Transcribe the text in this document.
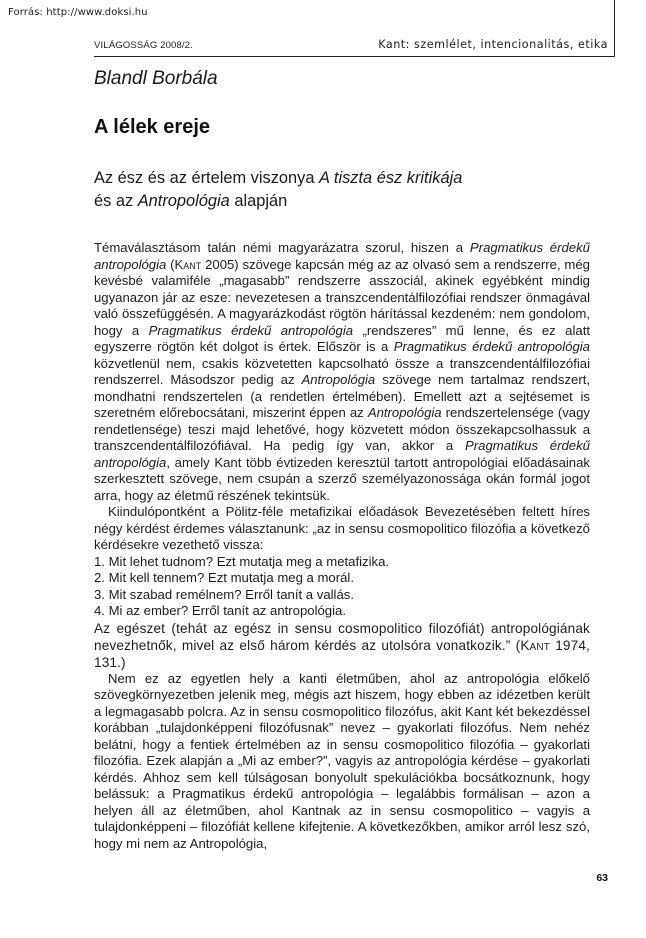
Forrás: http://www.doksi.hu
VILÁGOSSÁG 2008/2.	Kant: szemlélet, intencionalitás, etika
Blandl Borbála
A lélek ereje
Az ész és az értelem viszonya A tiszta ész kritikája
és az Antropológia alapján

Témaválasztásom talán némi magyarázatra szorul, hiszen a Pragmatikus érdekű antropológia (Kant 2005) szövege kapcsán még az az olvasó sem a rendszerre, még kevésbé valamiféle „magasabb” rendszerre asszociál, akinek egyébként mindig ugyanazon jár az esze: nevezetesen a transzcendentálfilozófiai rendszer önmagával való összefüggésén. A magyarázkodást rögtön hárítással kezdeném: nem gondolom, hogy a Pragmatikus érdekű antropológia „rendszeres” mű lenne, és ez alatt egyszerre rögtön két dolgot is értek. Először is a Pragmatikus érdekű antropológia közvetlenül nem, csakis közvetetten kapcsolható össze a transzcendentálfilozófiai rendszerrel. Másodszor pedig az Antropológia szövege nem tartalmaz rendszert, mondhatni rendszertelen (a rendetlen értelmében). Emellett azt a sejtésemet is szeretném előrebocsátani, miszerint éppen az Antropológia rendszertelensége (vagy rendetlensége) teszi majd lehetővé, hogy közvetett módon összekapcsolhassuk a transzcendentálfilozófiával. Ha pedig így van, akkor a Pragmatikus érdekű antropológia, amely Kant több évtizeden keresztül tartott antropológiai előadásainak szerkesztett szövege, nem csupán a szerző személyazonossága okán formál jogot arra, hogy az életmű részének tekintsük.

Kiindulópontként a Pölitz-féle metafizikai előadások Bevezetésében feltett híres négy kérdést érdemes választanunk: „az in sensu cosmopolitico filozófia a következő kérdésekre vezethető vissza:

1. Mit lehet tudnom? Ezt mutatja meg a metafizika.

2. Mit kell tennem? Ezt mutatja meg a morál.

3. Mit szabad remélnem? Erről tanít a vallás.

4. Mi az ember? Erről tanít az antropológia.

Az egészet (tehát az egész in sensu cosmopolitico filozófiát) antropológiának nevezhetnők, mivel az első három kérdés az utolsóra vonatkozik.” (Kant 1974, 131.)

Nem ez az egyetlen hely a kanti életműben, ahol az antropológia előkelő szövegkörnyezetben jelenik meg, mégis azt hiszem, hogy ebben az idézetben került a legmagasabb polcra. Az in sensu cosmopolitico filozófus, akit Kant két bekezdéssel korábban „tulajdonképpeni filozófusnak” nevez – gyakorlati filozófus. Nem nehéz belátni, hogy a fentiek értelmében az in sensu cosmopolitico filozófia – gyakorlati filozófia. Ezek alapján a „Mi az ember?”, vagyis az antropológia kérdése – gyakorlati kérdés. Ahhoz sem kell túlságosan bonyolult spekulációkba bocsátkoznunk, hogy belássuk: a Pragmatikus érdekű antropológia – legalábbis formálisan – azon a helyen áll az életműben, ahol Kantnak az in sensu cosmopolitico – vagyis a tulajdonképpeni – filozófiát kellene kifejtenie. A következőkben, amikor arról lesz szó, hogy mi nem az Antropológia,

63
